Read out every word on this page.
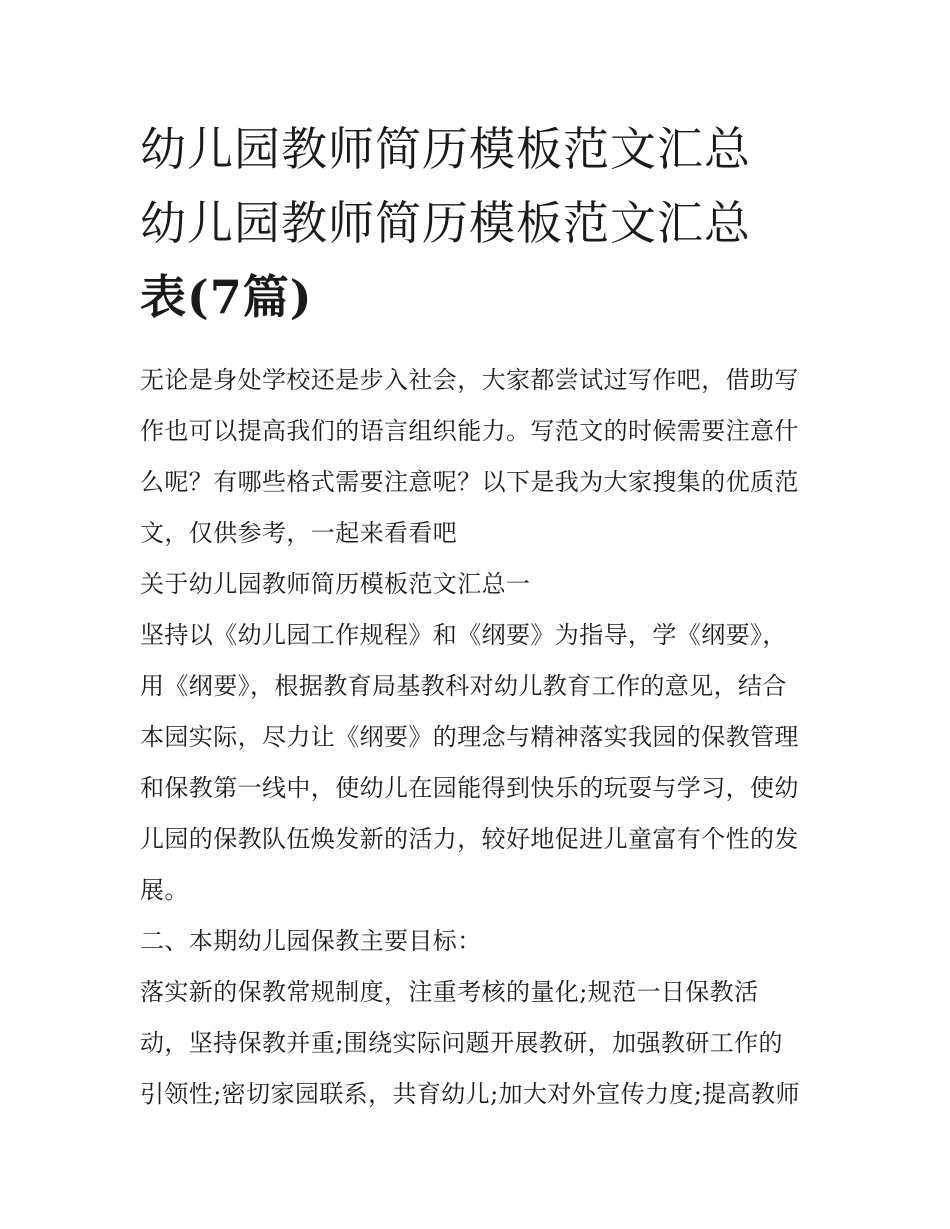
幼儿园教师简历模板范文汇总
幼儿园教师简历模板范文汇总
表(7篇)
无论是身处学校还是步入社会，大家都尝试过写作吧，借助写
作也可以提高我们的语言组织能力。写范文的时候需要注意什
么呢？有哪些格式需要注意呢？以下是我为大家搜集的优质范
文，仅供参考，一起来看看吧
关于幼儿园教师简历模板范文汇总一
坚持以《幼儿园工作规程》和《纲要》为指导，学《纲要》，
用《纲要》，根据教育局基教科对幼儿教育工作的意见，结合
本园实际，尽力让《纲要》的理念与精神落实我园的保教管理
和保教第一线中，使幼儿在园能得到快乐的玩耍与学习，使幼
儿园的保教队伍焕发新的活力，较好地促进儿童富有个性的发
展。
二、本期幼儿园保教主要目标：
落实新的保教常规制度，注重考核的量化;规范一日保教活
动，坚持保教并重;围绕实际问题开展教研，加强教研工作的
引领性;密切家园联系，共育幼儿;加大对外宣传力度;提高教师
